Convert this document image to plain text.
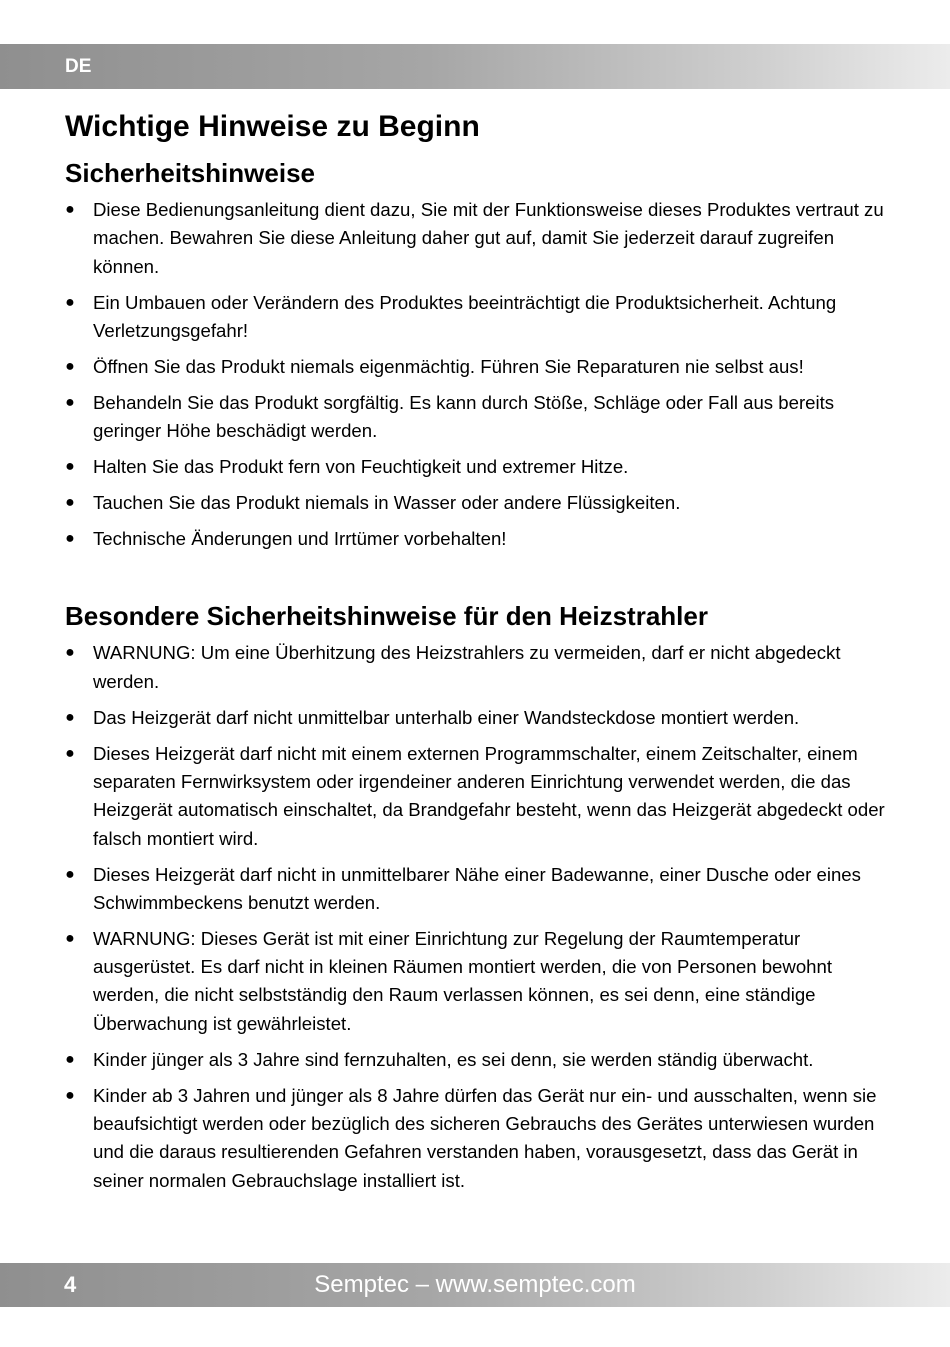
DE
Wichtige Hinweise zu Beginn
Sicherheitshinweise
● Diese Bedienungsanleitung dient dazu, Sie mit der Funktionsweise dieses Produktes vertraut zu machen. Bewahren Sie diese Anleitung daher gut auf, damit Sie jederzeit darauf zugreifen können.
● Ein Umbauen oder Verändern des Produktes beeinträchtigt die Produktsicherheit. Achtung Verletzungsgefahr!
● Öffnen Sie das Produkt niemals eigenmächtig. Führen Sie Reparaturen nie selbst aus!
● Behandeln Sie das Produkt sorgfältig. Es kann durch Stöße, Schläge oder Fall aus bereits geringer Höhe beschädigt werden.
● Halten Sie das Produkt fern von Feuchtigkeit und extremer Hitze.
● Tauchen Sie das Produkt niemals in Wasser oder andere Flüssigkeiten.
● Technische Änderungen und Irrtümer vorbehalten!
Besondere Sicherheitshinweise für den Heizstrahler
● WARNUNG: Um eine Überhitzung des Heizstrahlers zu vermeiden, darf er nicht abgedeckt werden.
● Das Heizgerät darf nicht unmittelbar unterhalb einer Wandsteckdose montiert werden.
● Dieses Heizgerät darf nicht mit einem externen Programmschalter, einem Zeitschalter, einem separaten Fernwirksystem oder irgendeiner anderen Einrichtung verwendet werden, die das Heizgerät automatisch einschaltet, da Brandgefahr besteht, wenn das Heizgerät abgedeckt oder falsch montiert wird.
● Dieses Heizgerät darf nicht in unmittelbarer Nähe einer Badewanne, einer Dusche oder eines Schwimmbeckens benutzt werden.
● WARNUNG: Dieses Gerät ist mit einer Einrichtung zur Regelung der Raumtemperatur ausgerüstet. Es darf nicht in kleinen Räumen montiert werden, die von Personen bewohnt werden, die nicht selbstständig den Raum verlassen können, es sei denn, eine ständige Überwachung ist gewährleistet.
● Kinder jünger als 3 Jahre sind fernzuhalten, es sei denn, sie werden ständig überwacht.
● Kinder ab 3 Jahren und jünger als 8 Jahre dürfen das Gerät nur ein- und ausschalten, wenn sie beaufsichtigt werden oder bezüglich des sicheren Gebrauchs des Gerätes unterwiesen wurden und die daraus resultierenden Gefahren verstanden haben, vorausgesetzt, dass das Gerät in seiner normalen Gebrauchslage installiert ist.
4	Semptec – www.semptec.com
